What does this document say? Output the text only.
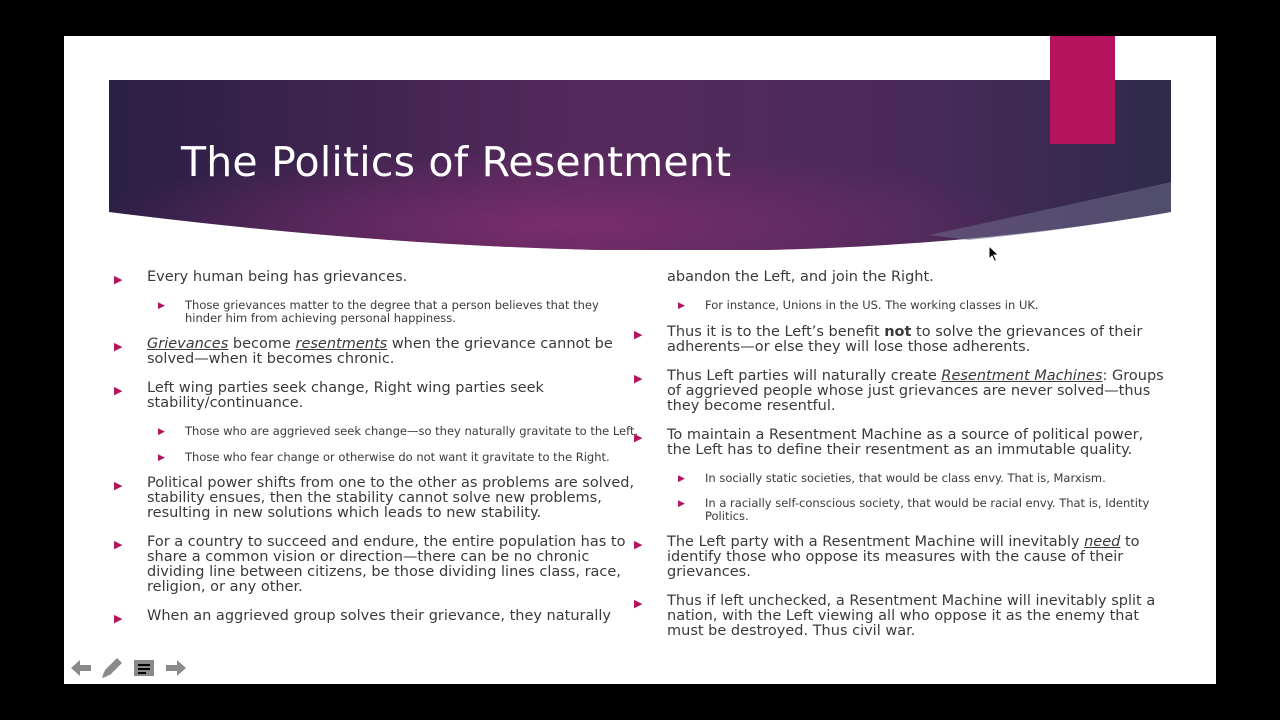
The Politics of Resentment
▶ Every human being has grievances.
▶ Those grievances matter to the degree that a person believes that they hinder him from achieving personal happiness.
▶ Grievances become resentments when the grievance cannot be solved—when it becomes chronic.
▶ Left wing parties seek change, Right wing parties seek stability/continuance.
▶ Those who are aggrieved seek change—so they naturally gravitate to the Left.
▶ Those who fear change or otherwise do not want it gravitate to the Right.
▶ Political power shifts from one to the other as problems are solved, stability ensues, then the stability cannot solve new problems, resulting in new solutions which leads to new stability.
▶ For a country to succeed and endure, the entire population has to share a common vision or direction—there can be no chronic dividing line between citizens, be those dividing lines class, race, religion, or any other.
▶ When an aggrieved group solves their grievance, they naturally
abandon the Left, and join the Right.
▶ For instance, Unions in the US. The working classes in UK.
▶ Thus it is to the Left’s benefit not to solve the grievances of their adherents—or else they will lose those adherents.
▶ Thus Left parties will naturally create Resentment Machines: Groups of aggrieved people whose just grievances are never solved—thus they become resentful.
▶ To maintain a Resentment Machine as a source of political power, the Left has to define their resentment as an immutable quality.
▶ In socially static societies, that would be class envy. That is, Marxism.
▶ In a racially self-conscious society, that would be racial envy. That is, Identity Politics.
▶ The Left party with a Resentment Machine will inevitably need to identify those who oppose its measures with the cause of their grievances.
▶ Thus if left unchecked, a Resentment Machine will inevitably split a nation, with the Left viewing all who oppose it as the enemy that must be destroyed. Thus civil war.
